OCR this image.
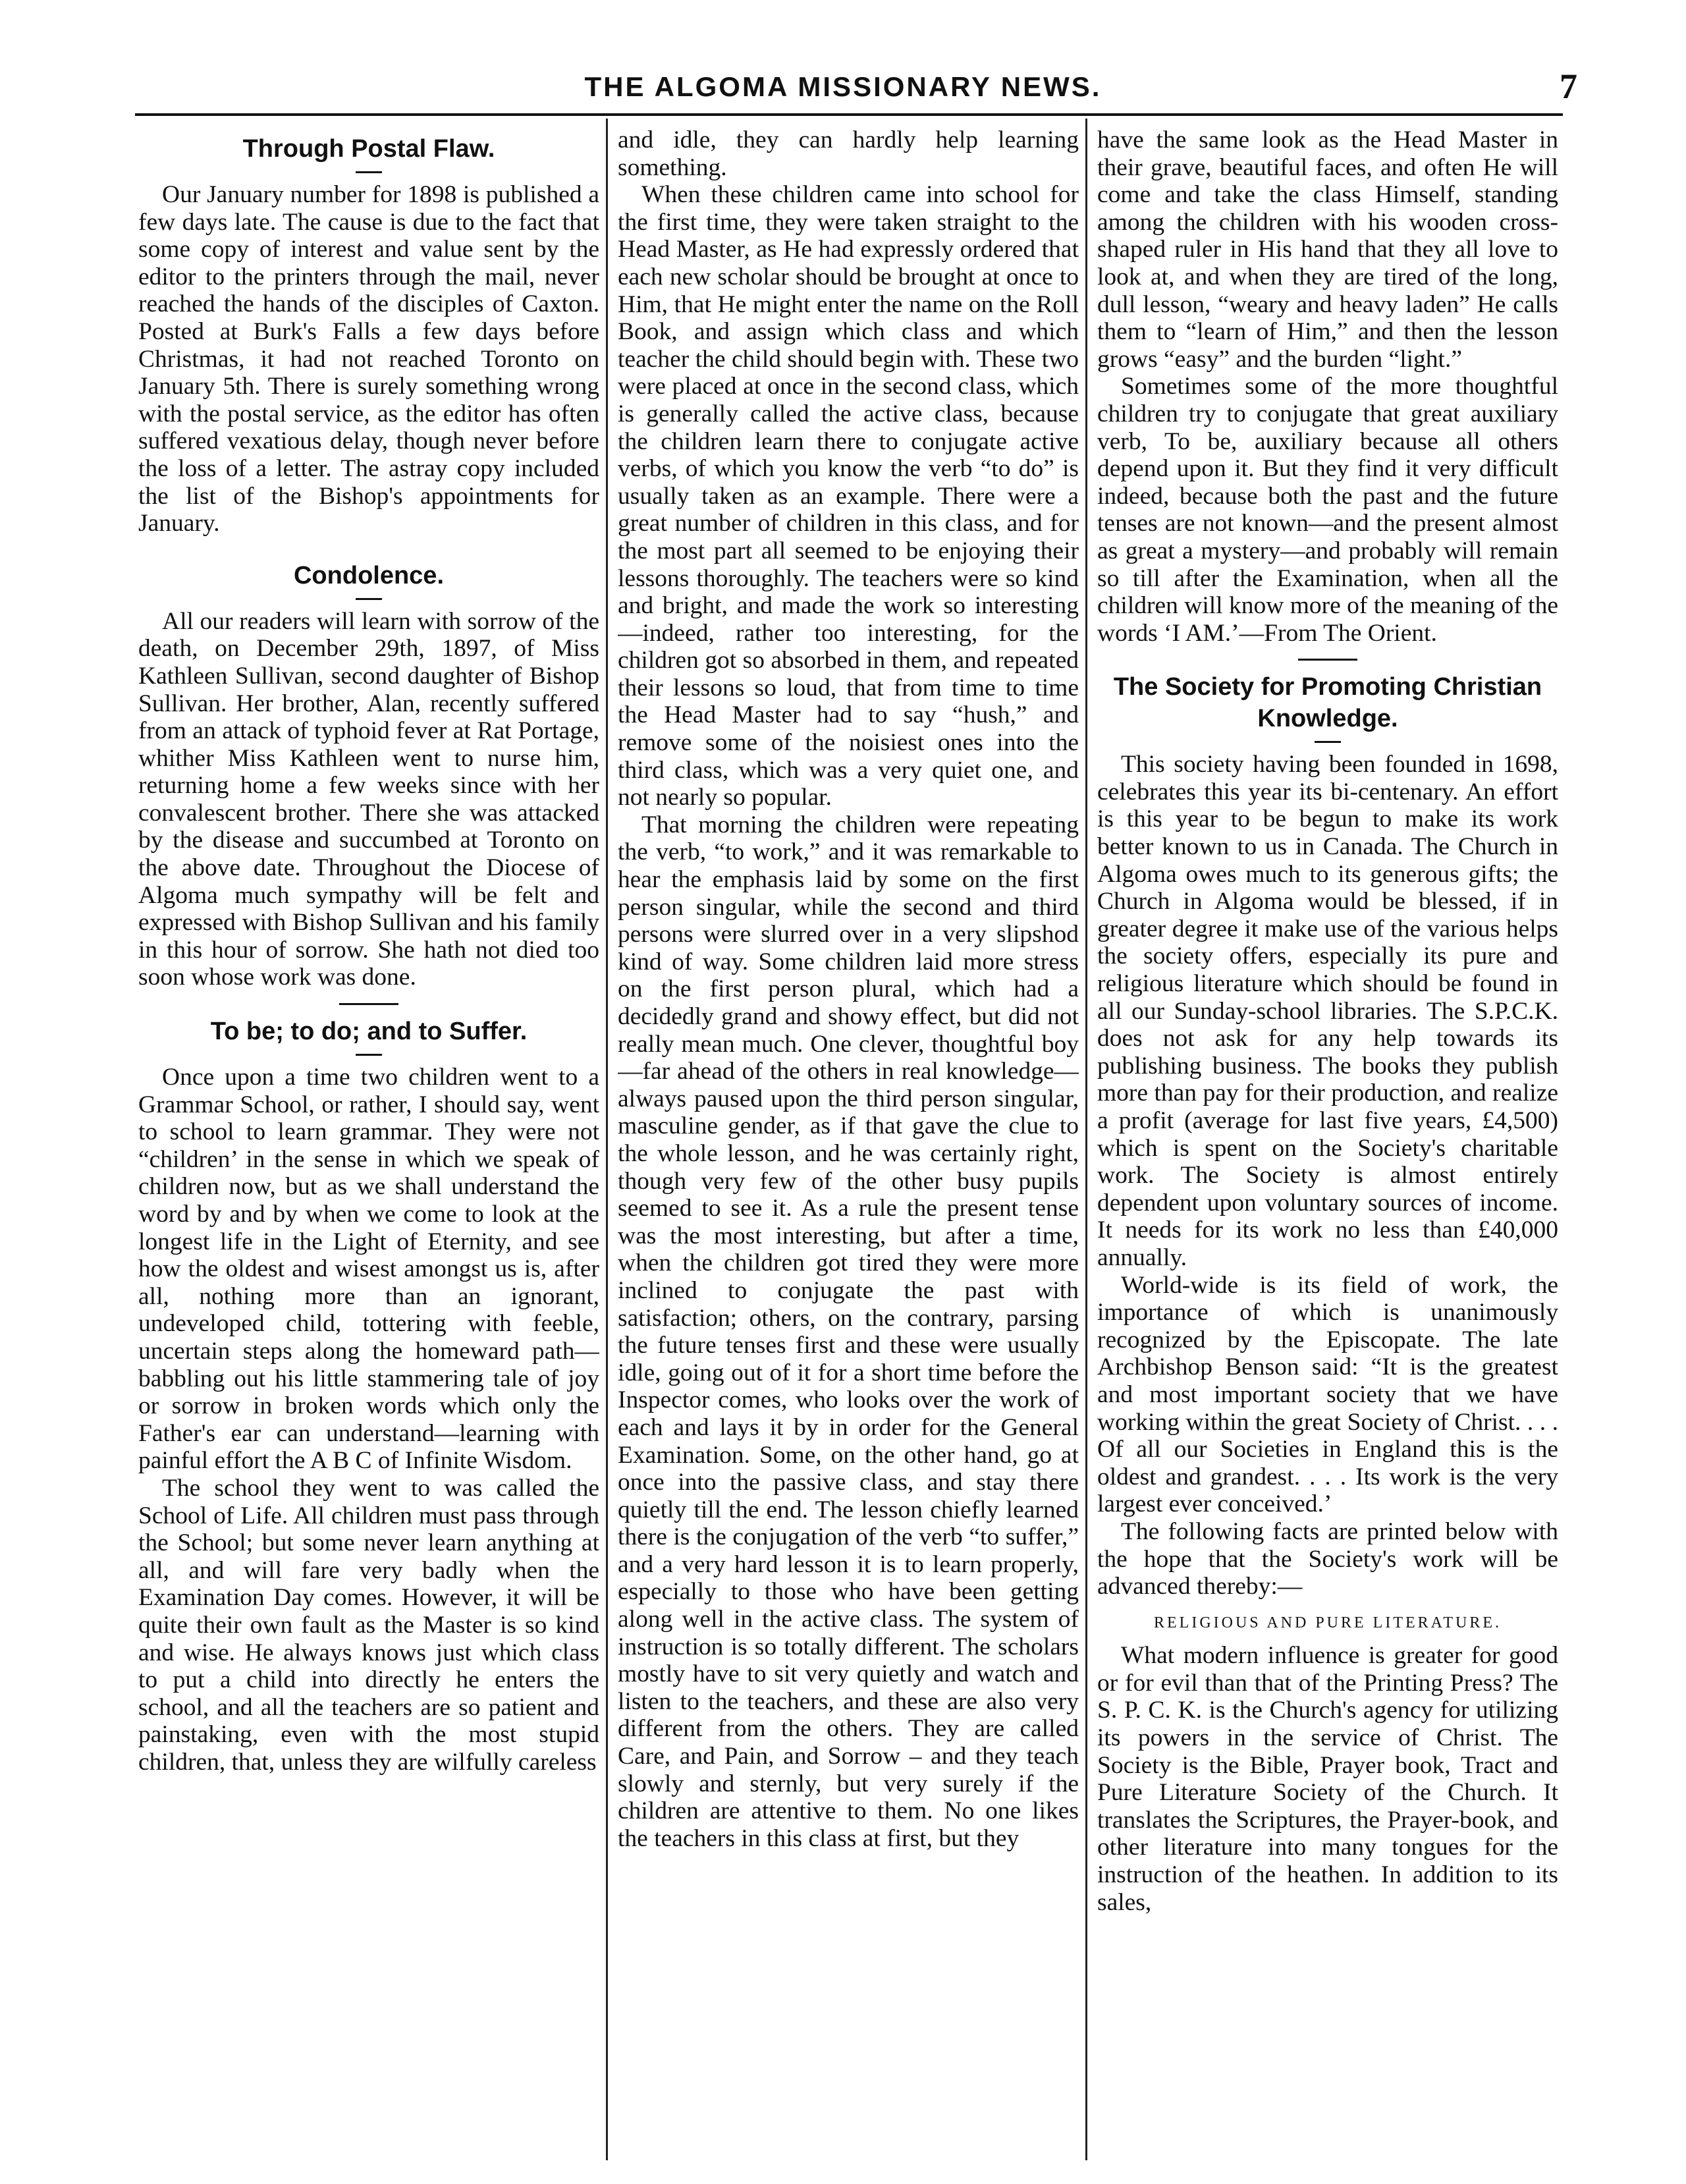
THE ALGOMA MISSIONARY NEWS.	7
Through Postal Flaw.

Our January number for 1898 is published a few days late. The cause is due to the fact that some copy of interest and value sent by the editor to the printers through the mail, never reached the hands of the disciples of Caxton. Posted at Burk's Falls a few days before Christmas, it had not reached Toronto on January 5th. There is surely something wrong with the postal service, as the editor has often suffered vexatious delay, though never before the loss of a letter. The astray copy included the list of the Bishop's appointments for January.

Condolence.

All our readers will learn with sorrow of the death, on December 29th, 1897, of Miss Kathleen Sullivan, second daughter of Bishop Sullivan. Her brother, Alan, recently suffered from an attack of typhoid fever at Rat Portage, whither Miss Kathleen went to nurse him, returning home a few weeks since with her convalescent brother. There she was attacked by the disease and succumbed at Toronto on the above date. Throughout the Diocese of Algoma much sympathy will be felt and expressed with Bishop Sullivan and his family in this hour of sorrow. She hath not died too soon whose work was done.

To be; to do; and to Suffer.

Once upon a time two children went to a Grammar School, or rather, I should say, went to school to learn grammar. They were not “children’ in the sense in which we speak of children now, but as we shall understand the word by and by when we come to look at the longest life in the Light of Eternity, and see how the oldest and wisest amongst us is, after all, nothing more than an ignorant, undeveloped child, tottering with feeble, uncertain steps along the homeward path—babbling out his little stammering tale of joy or sorrow in broken words which only the Father's ear can understand—learning with painful effort the A B C of Infinite Wisdom.

The school they went to was called the School of Life. All children must pass through the School; but some never learn anything at all, and will fare very badly when the Examination Day comes. However, it will be quite their own fault as the Master is so kind and wise. He always knows just which class to put a child into directly he enters the school, and all the teachers are so patient and painstaking, even with the most stupid children, that, unless they are wilfully careless

and idle, they can hardly help learning something.

When these children came into school for the first time, they were taken straight to the Head Master, as He had expressly ordered that each new scholar should be brought at once to Him, that He might enter the name on the Roll Book, and assign which class and which teacher the child should begin with. These two were placed at once in the second class, which is generally called the active class, because the children learn there to conjugate active verbs, of which you know the verb “to do” is usually taken as an example. There were a great number of children in this class, and for the most part all seemed to be enjoying their lessons thoroughly. The teachers were so kind and bright, and made the work so interesting—indeed, rather too interesting, for the children got so absorbed in them, and repeated their lessons so loud, that from time to time the Head Master had to say “hush,” and remove some of the noisiest ones into the third class, which was a very quiet one, and not nearly so popular.

That morning the children were repeating the verb, “to work,” and it was remarkable to hear the emphasis laid by some on the first person singular, while the second and third persons were slurred over in a very slipshod kind of way. Some children laid more stress on the first person plural, which had a decidedly grand and showy effect, but did not really mean much. One clever, thoughtful boy—far ahead of the others in real knowledge—always paused upon the third person singular, masculine gender, as if that gave the clue to the whole lesson, and he was certainly right, though very few of the other busy pupils seemed to see it. As a rule the present tense was the most interesting, but after a time, when the children got tired they were more inclined to conjugate the past with satisfaction; others, on the contrary, parsing the future tenses first and these were usually idle, going out of it for a short time before the Inspector comes, who looks over the work of each and lays it by in order for the General Examination. Some, on the other hand, go at once into the passive class, and stay there quietly till the end. The lesson chiefly learned there is the conjugation of the verb “to suffer,” and a very hard lesson it is to learn properly, especially to those who have been getting along well in the active class. The system of instruction is so totally different. The scholars mostly have to sit very quietly and watch and listen to the teachers, and these are also very different from the others. They are called Care, and Pain, and Sorrow – and they teach slowly and sternly, but very surely if the children are attentive to them. No one likes the teachers in this class at first, but they

have the same look as the Head Master in their grave, beautiful faces, and often He will come and take the class Himself, standing among the children with his wooden cross-shaped ruler in His hand that they all love to look at, and when they are tired of the long, dull lesson, “weary and heavy laden” He calls them to “learn of Him,” and then the lesson grows “easy” and the burden “light.”

Sometimes some of the more thoughtful children try to conjugate that great auxiliary verb, To be, auxiliary because all others depend upon it. But they find it very difficult indeed, because both the past and the future tenses are not known—and the present almost as great a mystery—and probably will remain so till after the Examination, when all the children will know more of the meaning of the words ‘I AM.’—From The Orient.

The Society for Promoting Christian Knowledge.

This society having been founded in 1698, celebrates this year its bi-centenary. An effort is this year to be begun to make its work better known to us in Canada. The Church in Algoma owes much to its generous gifts; the Church in Algoma would be blessed, if in greater degree it make use of the various helps the society offers, especially its pure and religious literature which should be found in all our Sunday-school libraries. The S.P.C.K. does not ask for any help towards its publishing business. The books they publish more than pay for their production, and realize a profit (average for last five years, £4,500) which is spent on the Society's charitable work. The Society is almost entirely dependent upon voluntary sources of income. It needs for its work no less than £40,000 annually.

World-wide is its field of work, the importance of which is unanimously recognized by the Episcopate. The late Archbishop Benson said: “It is the greatest and most important society that we have working within the great Society of Christ. . . . Of all our Societies in England this is the oldest and grandest. . . . Its work is the very largest ever conceived.’

The following facts are printed below with the hope that the Society's work will be advanced thereby:—

RELIGIOUS AND PURE LITERATURE.

What modern influence is greater for good or for evil than that of the Printing Press? The S. P. C. K. is the Church's agency for utilizing its powers in the service of Christ. The Society is the Bible, Prayer book, Tract and Pure Literature Society of the Church. It translates the Scriptures, the Prayer-book, and other literature into many tongues for the instruction of the heathen. In addition to its sales,
